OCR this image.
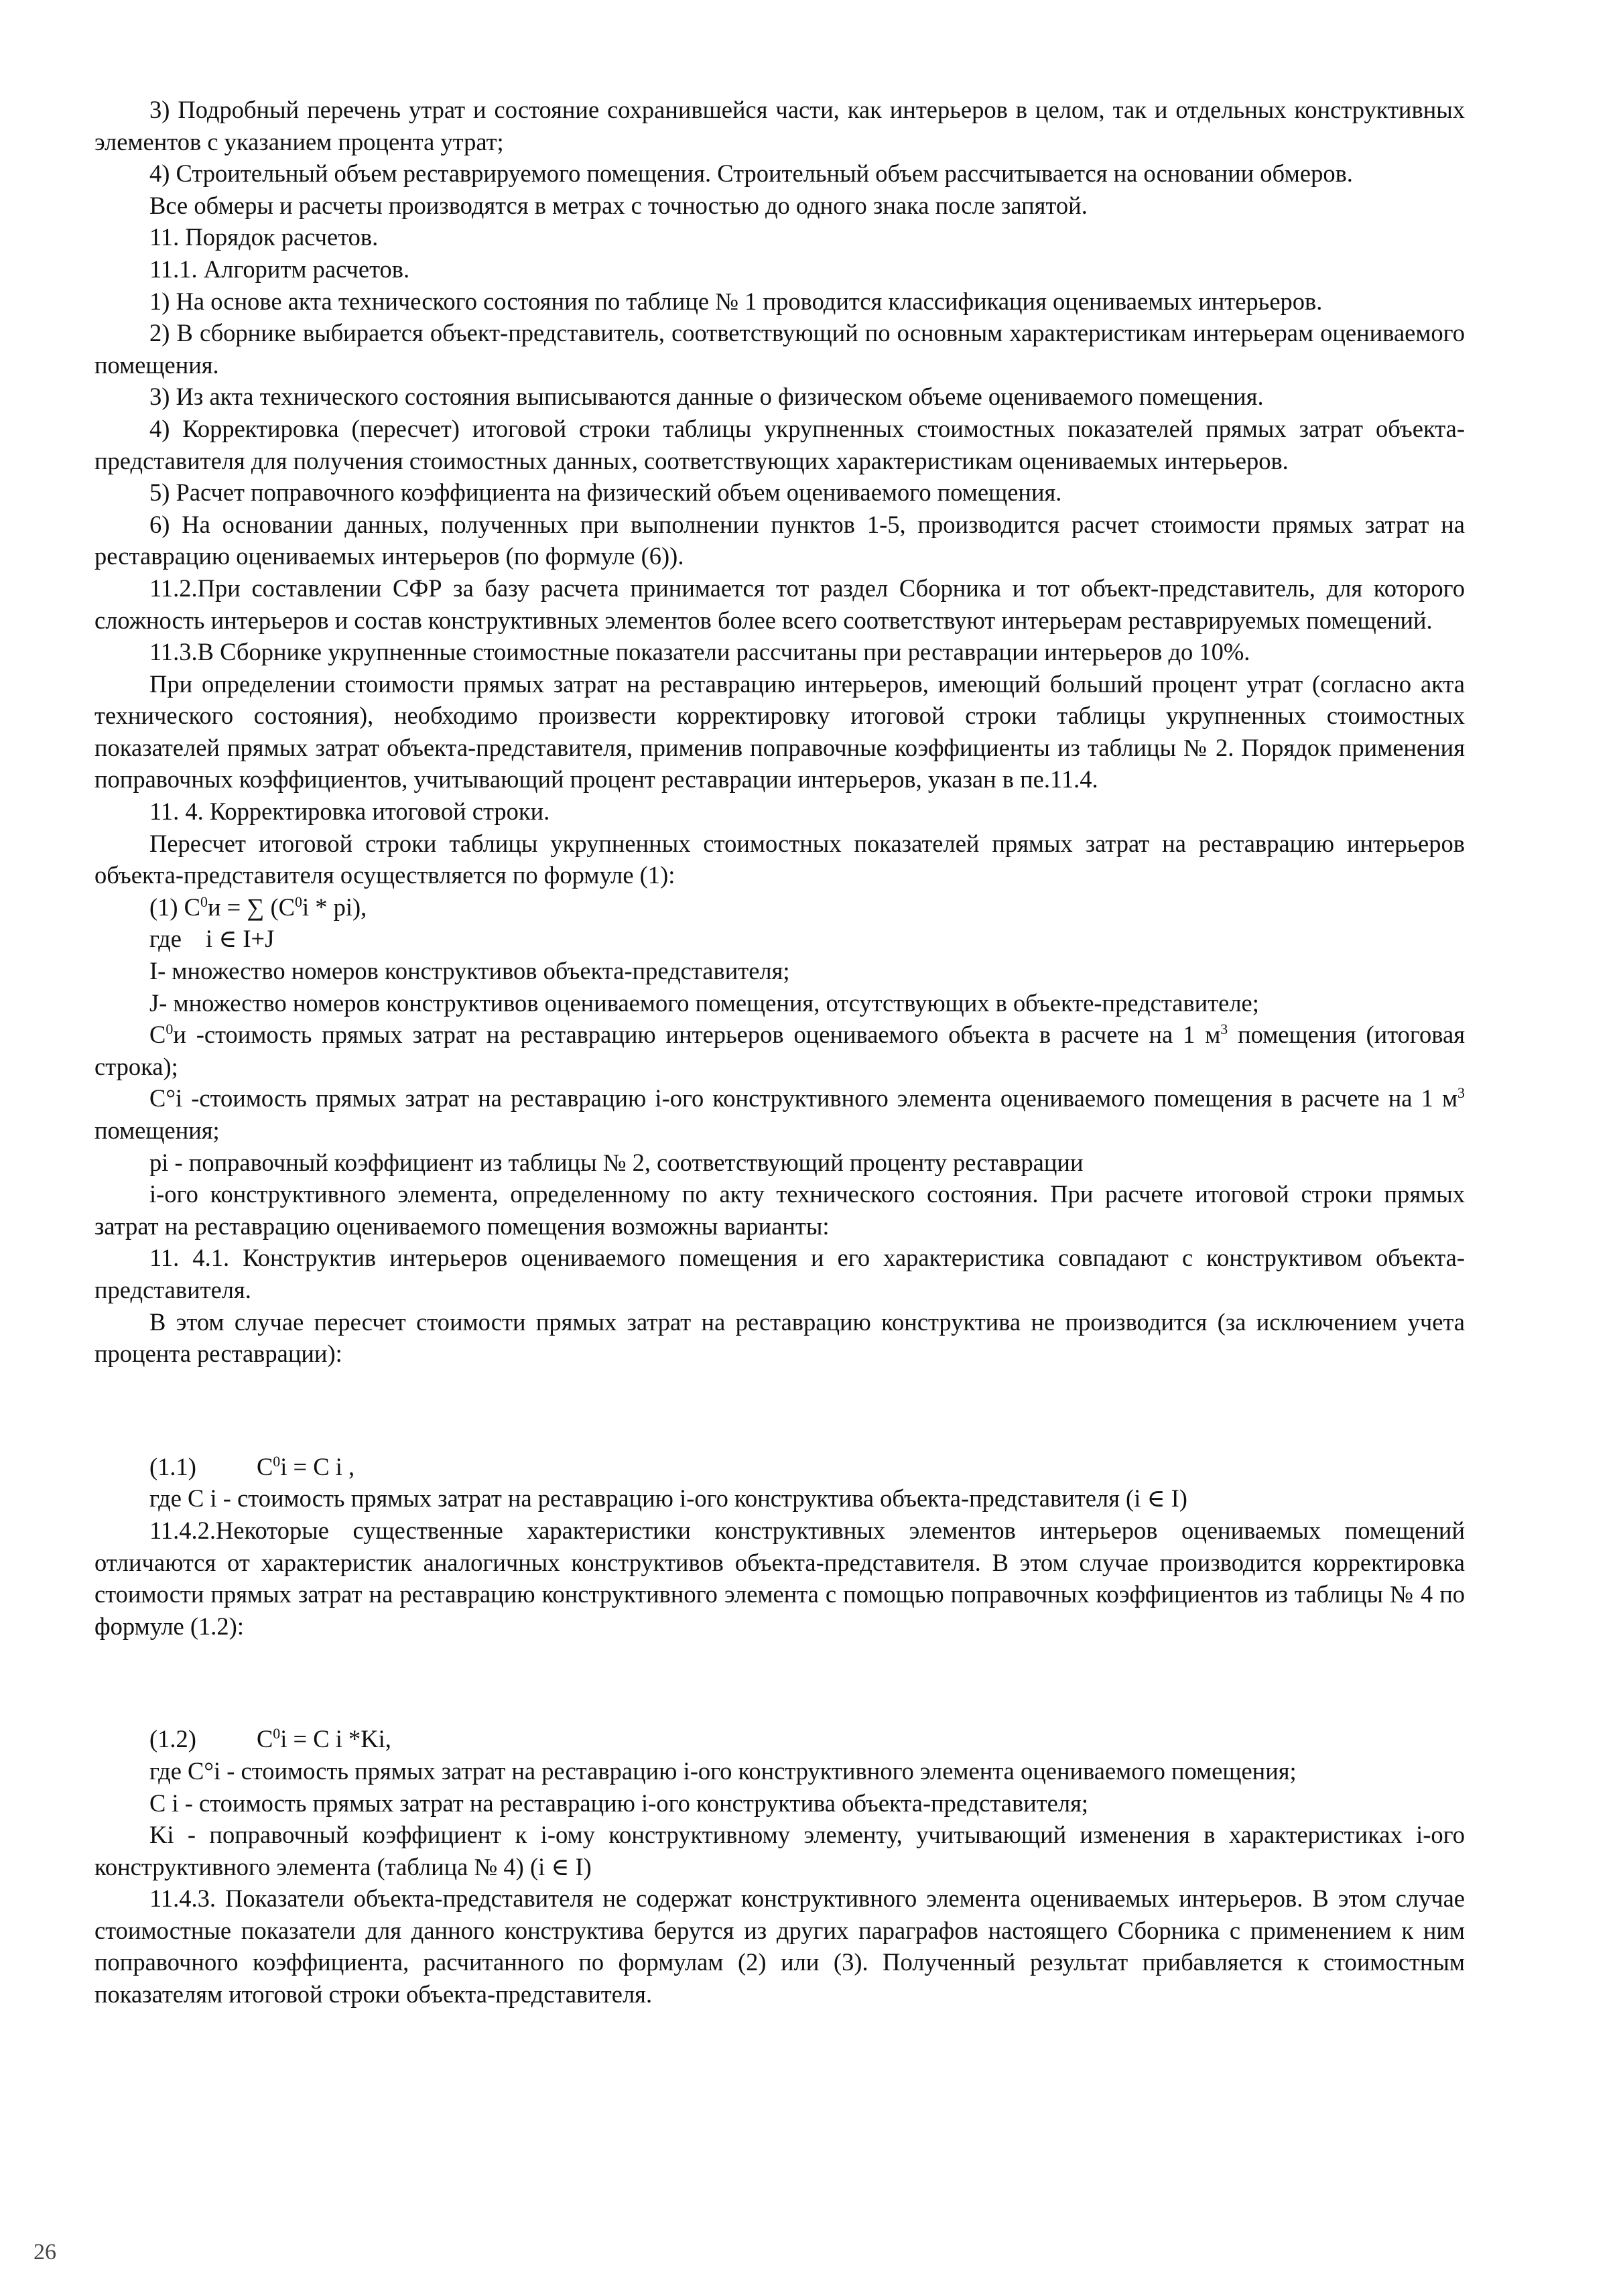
3) Подробный перечень утрат и состояние сохранившейся части, как интерьеров в целом, так и отдельных конструктивных элементов с указанием процента утрат;

4) Строительный объем реставрируемого помещения. Строительный объем рассчитывается на основании обмеров.

Все обмеры и расчеты производятся в метрах с точностью до одного знака после запятой.

11. Порядок расчетов.

11.1. Алгоритм расчетов.

1) На основе акта технического состояния по таблице № 1 проводится классификация оцениваемых интерьеров.

2) В сборнике выбирается объект-представитель, соответствующий по основным характеристикам интерьерам оцениваемого помещения.

3) Из акта технического состояния выписываются данные о физическом объеме оцениваемого помещения.

4) Корректировка (пересчет) итоговой строки таблицы укрупненных стоимостных показателей прямых затрат объекта-представителя для получения стоимостных данных, соответствующих характеристикам оцениваемых интерьеров.

5) Расчет поправочного коэффициента на физический объем оцениваемого помещения.

6) На основании данных, полученных при выполнении пунктов 1-5, производится расчет стоимости прямых затрат на реставрацию оцениваемых интерьеров (по формуле (6)).

11.2.При составлении СФР за базу расчета принимается тот раздел Сборника и тот объект-представитель, для которого сложность интерьеров и состав конструктивных элементов более всего соответствуют интерьерам реставрируемых помещений.

11.3.В Сборнике укрупненные стоимостные показатели рассчитаны при реставрации интерьеров до 10%.

При определении стоимости прямых затрат на реставрацию интерьеров, имеющий больший процент утрат (согласно акта технического состояния), необходимо произвести корректировку итоговой строки таблицы укрупненных стоимостных показателей прямых затрат объекта-представителя, применив поправочные коэффициенты из таблицы № 2. Порядок применения поправочных коэффициентов, учитывающий процент реставрации интерьеров, указан в пе.11.4.

11. 4. Корректировка итоговой строки.

Пересчет итоговой строки таблицы укрупненных стоимостных показателей прямых затрат на реставрацию интерьеров объекта-представителя осуществляется по формуле (1):

(1) $C^0и$ = ∑ $(C^0i * pi)$,

где i ∈ I+J

I- множество номеров конструктивов объекта-представителя;

J- множество номеров конструктивов оцениваемого помещения, отсутствующих в объекте-представителе;

$C^0и$ -стоимость прямых затрат на реставрацию интерьеров оцениваемого объекта в расчете на 1 $м^3$ помещения (итоговая строка);

C°i -стоимость прямых затрат на реставрацию i-ого конструктивного элемента оцениваемого помещения в расчете на 1 $м^3$ помещения;

pi - поправочный коэффициент из таблицы № 2, соответствующий проценту реставрации

i-ого конструктивного элемента, определенному по акту технического состояния. При расчете итоговой строки прямых затрат на реставрацию оцениваемого помещения возможны варианты:

11. 4.1. Конструктив интерьеров оцениваемого помещения и его характеристика совпадают с конструктивом объекта- представителя.

В этом случае пересчет стоимости прямых затрат на реставрацию конструктива не производится (за исключением учета процента реставрации):

(1.1) $C^0i = C$ i ,

где C i - стоимость прямых затрат на реставрацию i-ого конструктива объекта-представителя (i ∈ I)

11.4.2.Некоторые существенные характеристики конструктивных элементов интерьеров оцениваемых помещений отличаются от характеристик аналогичных конструктивов объекта-представителя. В этом случае производится корректировка стоимости прямых затрат на реставрацию конструктивного элемента с помощью поправочных коэффициентов из таблицы № 4 по формуле (1.2):

(1.2) $C^0i = C$ i *Ki,

где C°i - стоимость прямых затрат на реставрацию i-ого конструктивного элемента оцениваемого помещения;

C i - стоимость прямых затрат на реставрацию i-ого конструктива объекта-представителя;

Ki - поправочный коэффициент к i-ому конструктивному элементу, учитывающий изменения в характеристиках i-ого конструктивного элемента (таблица № 4) (i ∈ I)

11.4.3. Показатели объекта-представителя не содержат конструктивного элемента оцениваемых интерьеров. В этом случае стоимостные показатели для данного конструктива берутся из других параграфов настоящего Сборника с применением к ним поправочного коэффициента, расчитанного по формулам (2) или (3). Полученный результат прибавляется к стоимостным показателям итоговой строки объекта-представителя.

26
